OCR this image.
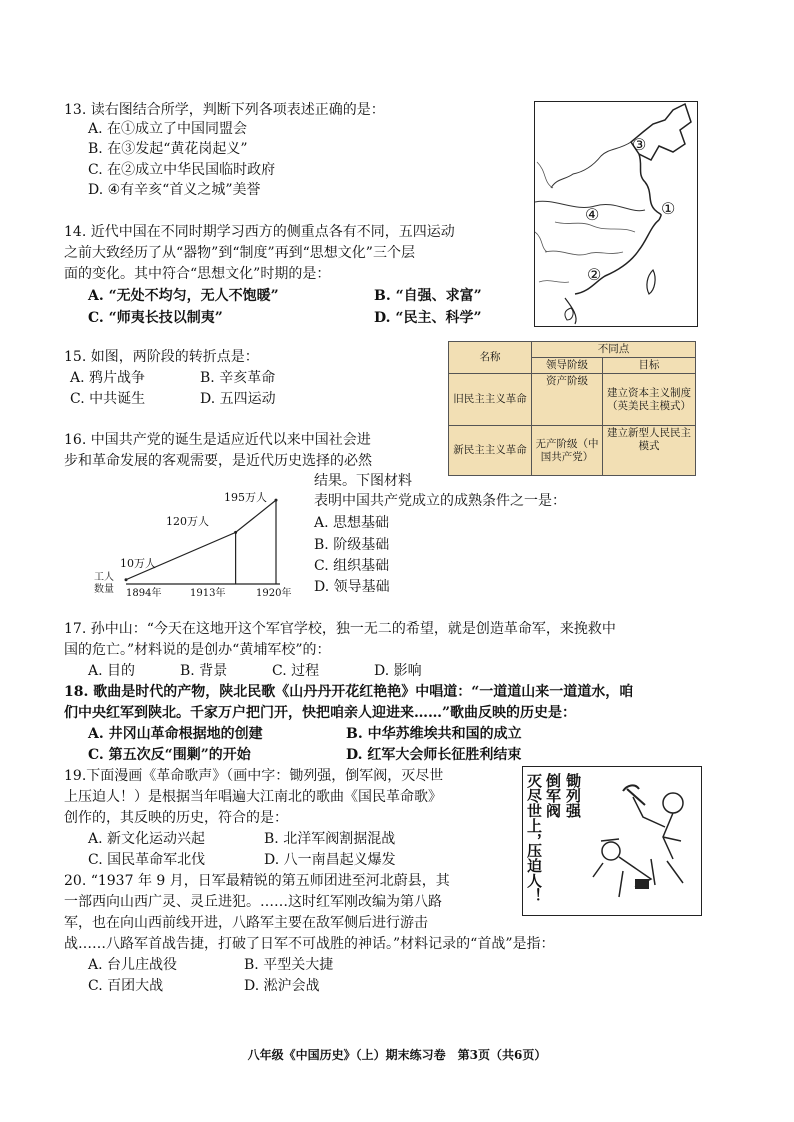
13. 读右图结合所学，判断下列各项表述正确的是：
A. 在①成立了中国同盟会
B. 在③发起“黄花岗起义”
C. 在②成立中华民国临时政府
D. ④有辛亥“首义之城”美誉
①
②
③
④
14. 近代中国在不同时期学习西方的侧重点各有不同，五四运动
之前大致经历了从“器物”到“制度”再到“思想文化”三个层
面的变化。其中符合“思想文化”时期的是：
A. “无处不均匀，无人不饱暖”	B. “自强、求富”
C. “师夷长技以制夷”	D. “民主、科学”
15. 如图，两阶段的转折点是：
A. 鸦片战争	B. 辛亥革命
C. 中共诞生	D. 五四运动
名称	不同点	
	领导阶级	目标
旧民主主义革命	资产阶级	建立资本主义制度（英美民主模式）
新民主主义革命	无产阶级（中国共产党）	建立新型人民民主模式
16. 中国共产党的诞生是适应近代以来中国社会进
步和革命发展的客观需要，是近代历史选择的必然
结果。下图材料
表明中国共产党成立的成熟条件之一是：
A. 思想基础
B. 阶级基础
C. 组织基础
D. 领导基础
工人
数量 1894年	1913年	1920年
10万人
120万人
195万人
17. 孙中山：“今天在这地开这个军官学校，独一无二的希望，就是创造革命军，来挽救中
国的危亡。”材料说的是创办“黄埔军校”的：
A. 目的	B. 背景	C. 过程	D. 影响
18. 歌曲是时代的产物，陕北民歌《山丹丹开花红艳艳》中唱道：“一道道山来一道道水，咱
们中央红军到陕北。千家万户把门开，快把咱亲人迎进来……”歌曲反映的历史是：
A. 井冈山革命根据地的创建	B. 中华苏维埃共和国的成立
C. 第五次反“围剿”的开始	D. 红军大会师长征胜利结束
19.下面漫画《革命歌声》（画中字：锄列强，倒军阀，灭尽世
上压迫人！）是根据当年唱遍大江南北的歌曲《国民革命歌》
创作的，其反映的历史，符合的是：
A. 新文化运动兴起	B. 北洋军阀割据混战
C. 国民革命军北伐	D. 八一南昌起义爆发
锄列强
倒军阀
灭尽世上，
压迫人！
20. “1937 年 9 月，日军最精锐的第五师团进至河北蔚县，其
一部西向山西广灵、灵丘进犯。……这时红军刚改编为第八路
军，也在向山西前线开进，八路军主要在敌军侧后进行游击
战……八路军首战告捷，打破了日军不可战胜的神话。”材料记录的“首战”是指：
A. 台儿庄战役	B. 平型关大捷
C. 百团大战	D. 淞沪会战
八年级《中国历史》（上）期末练习卷　第3页（共6页）
